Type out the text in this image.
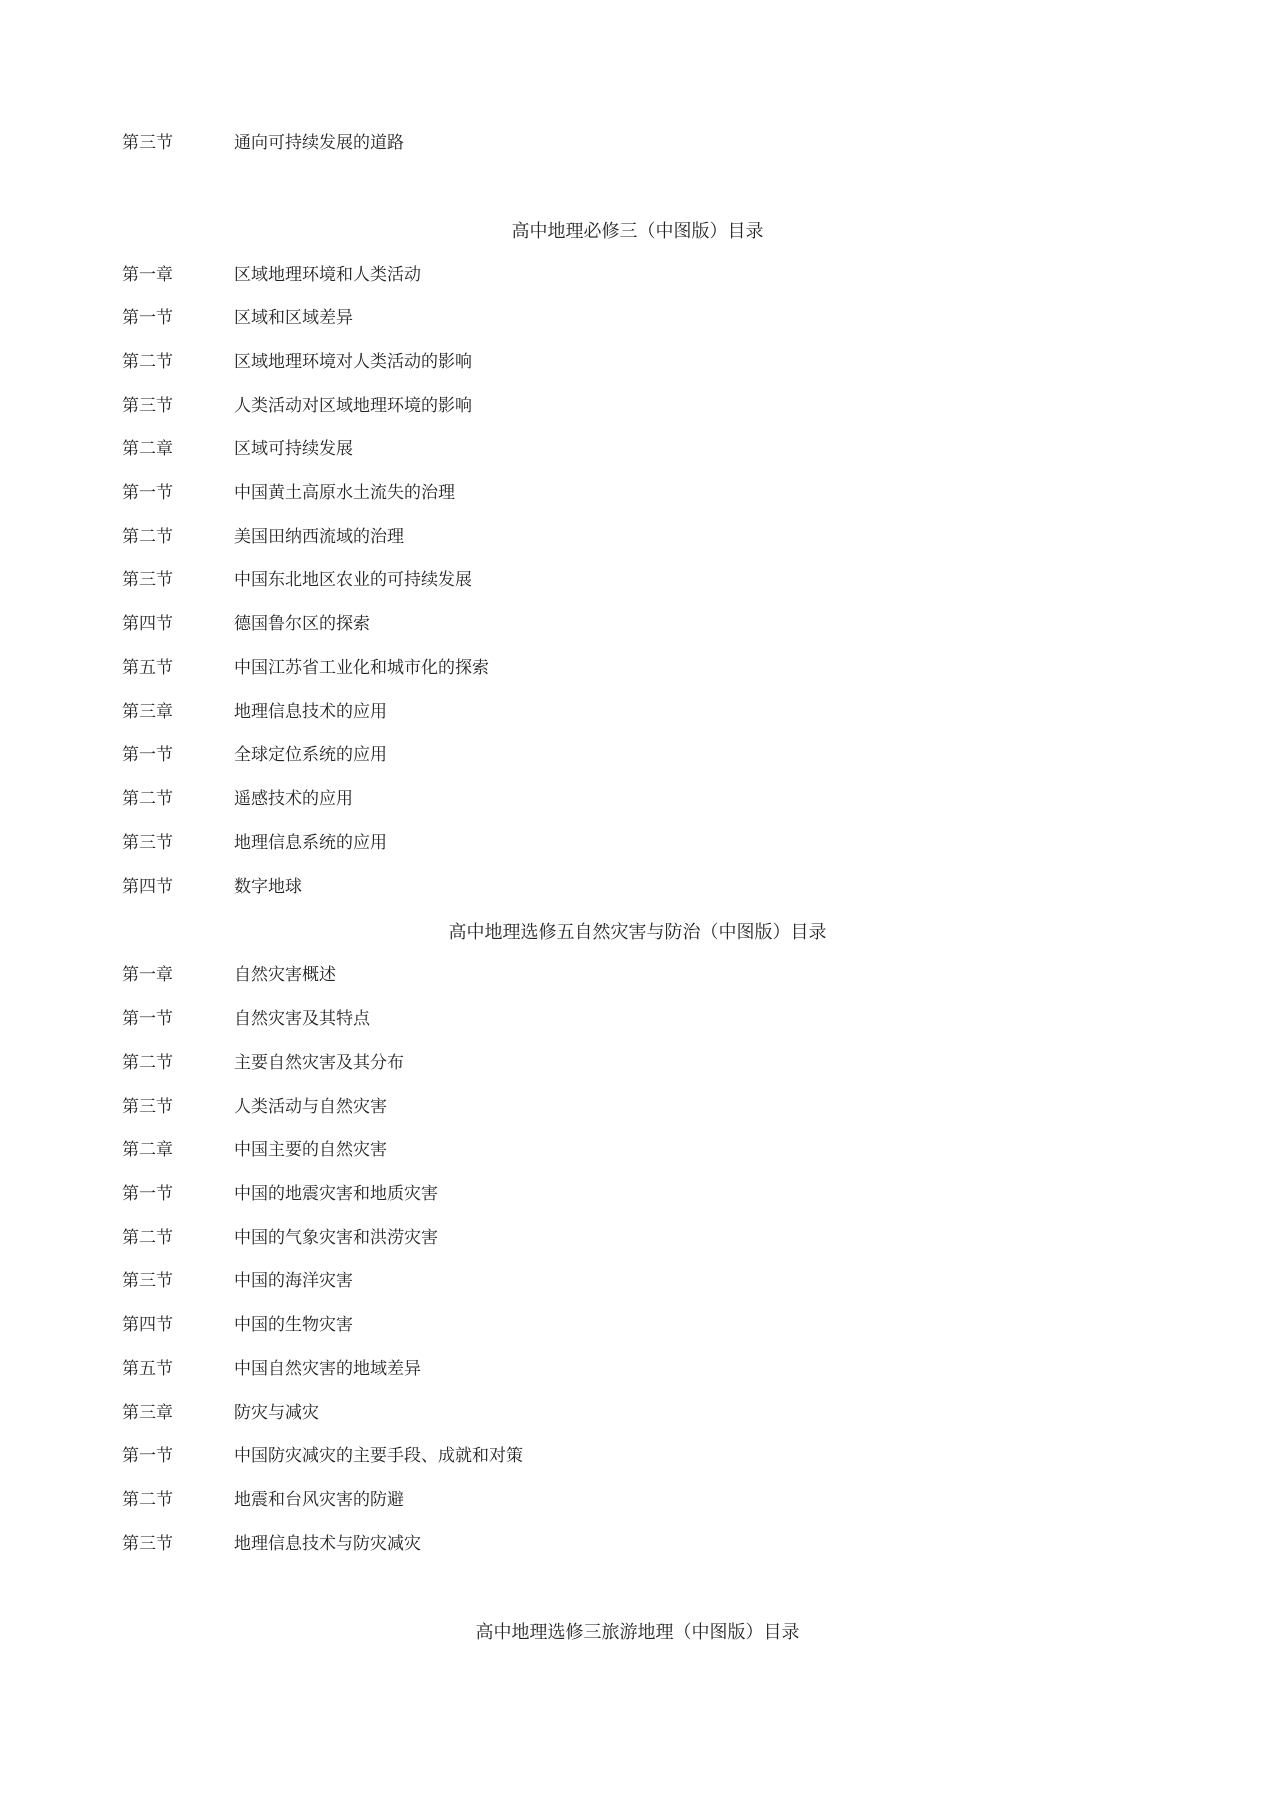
第三节	通向可持续发展的道路
高中地理必修三（中图版）目录
第一章	区域地理环境和人类活动
第一节	区域和区域差异
第二节	区域地理环境对人类活动的影响
第三节	人类活动对区域地理环境的影响
第二章	区域可持续发展
第一节	中国黄土高原水土流失的治理
第二节	美国田纳西流域的治理
第三节	中国东北地区农业的可持续发展
第四节	德国鲁尔区的探索
第五节	中国江苏省工业化和城市化的探索
第三章	地理信息技术的应用
第一节	全球定位系统的应用
第二节	遥感技术的应用
第三节	地理信息系统的应用
第四节	数字地球
高中地理选修五自然灾害与防治（中图版）目录
第一章	自然灾害概述
第一节	自然灾害及其特点
第二节	主要自然灾害及其分布
第三节	人类活动与自然灾害
第二章	中国主要的自然灾害
第一节	中国的地震灾害和地质灾害
第二节	中国的气象灾害和洪涝灾害
第三节	中国的海洋灾害
第四节	中国的生物灾害
第五节	中国自然灾害的地域差异
第三章	防灾与减灾
第一节	中国防灾减灾的主要手段、成就和对策
第二节	地震和台风灾害的防避
第三节	地理信息技术与防灾减灾
高中地理选修三旅游地理（中图版）目录
